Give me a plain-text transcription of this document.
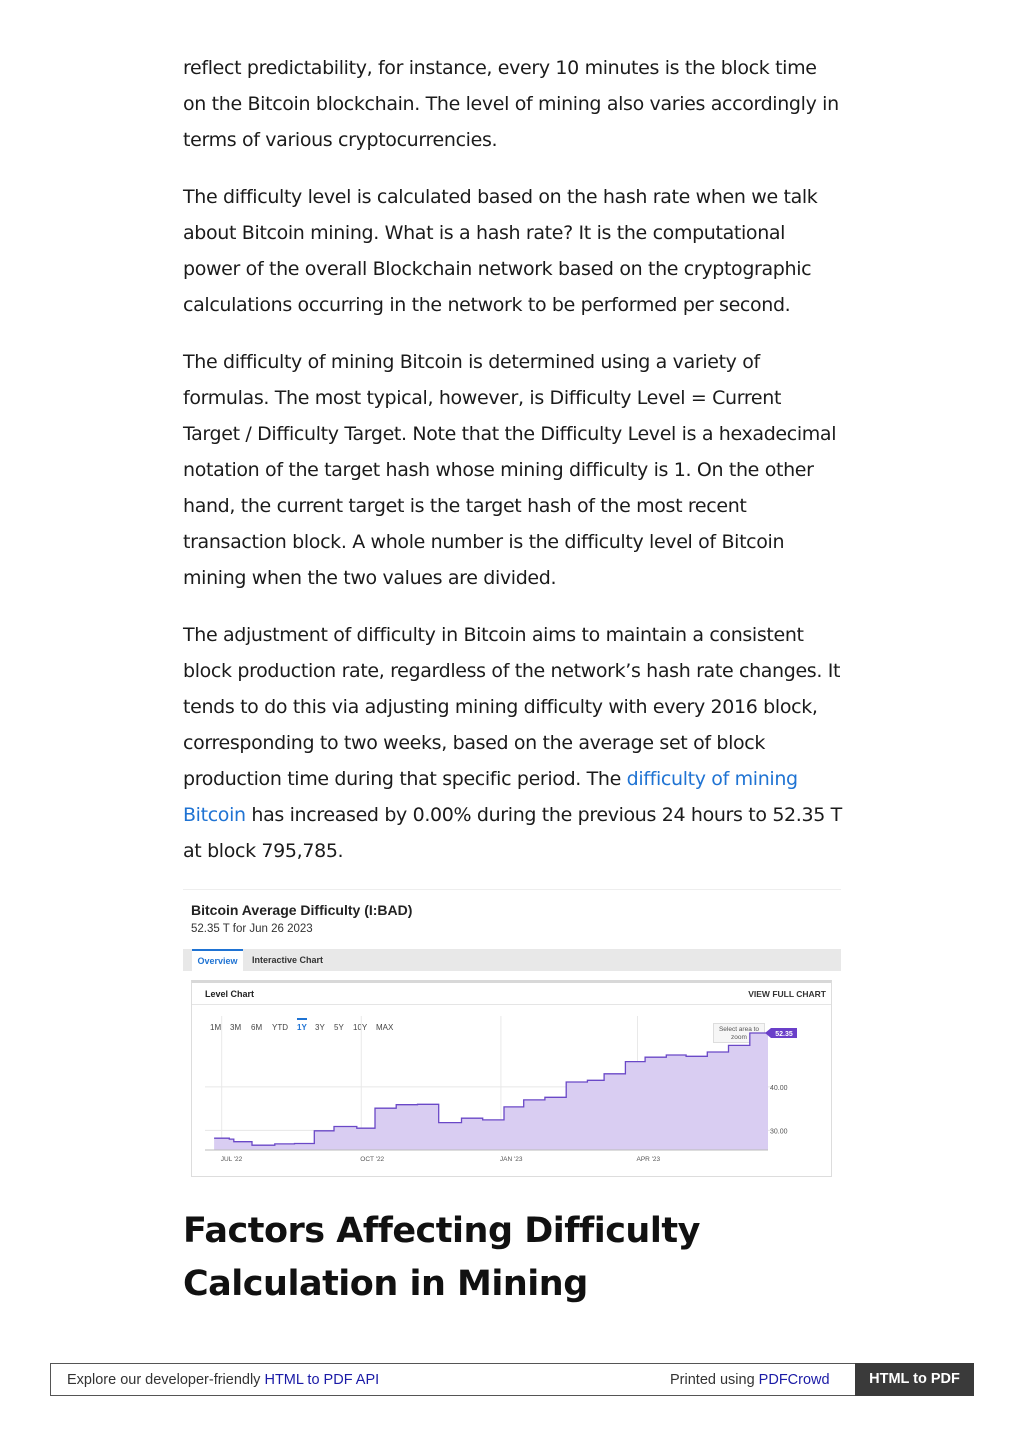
reflect predictability, for instance, every 10 minutes is the block time on the Bitcoin blockchain. The level of mining also varies accordingly in terms of various cryptocurrencies.

The difficulty level is calculated based on the hash rate when we talk about Bitcoin mining. What is a hash rate? It is the computational power of the overall Blockchain network based on the cryptographic calculations occurring in the network to be performed per second.

The difficulty of mining Bitcoin is determined using a variety of formulas. The most typical, however, is Difficulty Level = Current Target / Difficulty Target. Note that the Difficulty Level is a hexadecimal notation of the target hash whose mining difficulty is 1. On the other hand, the current target is the target hash of the most recent transaction block. A whole number is the difficulty level of Bitcoin mining when the two values are divided.

The adjustment of difficulty in Bitcoin aims to maintain a consistent block production rate, regardless of the network’s hash rate changes. It tends to do this via adjusting mining difficulty with every 2016 block, corresponding to two weeks, based on the average set of block production time during that specific period. The difficulty of mining Bitcoin has increased by 0.00% during the previous 24 hours to 52.35 T at block 795,785.

Bitcoin Average Difficulty (I:BAD)
52.35 T for Jun 26 2023
Overview	Interactive Chart
Level Chart	VIEW FULL CHART
1M 3M 6M YTD 1Y 3Y 5Y 10Y MAX	Select area to zoom
30.00
40.00
JUL '22	OCT '22	JAN '23	APR '23
52.35
Factors Affecting Difficulty Calculation in Mining
Explore our developer-friendly HTML to PDF API	Printed using PDFCrowd	HTML to PDF
